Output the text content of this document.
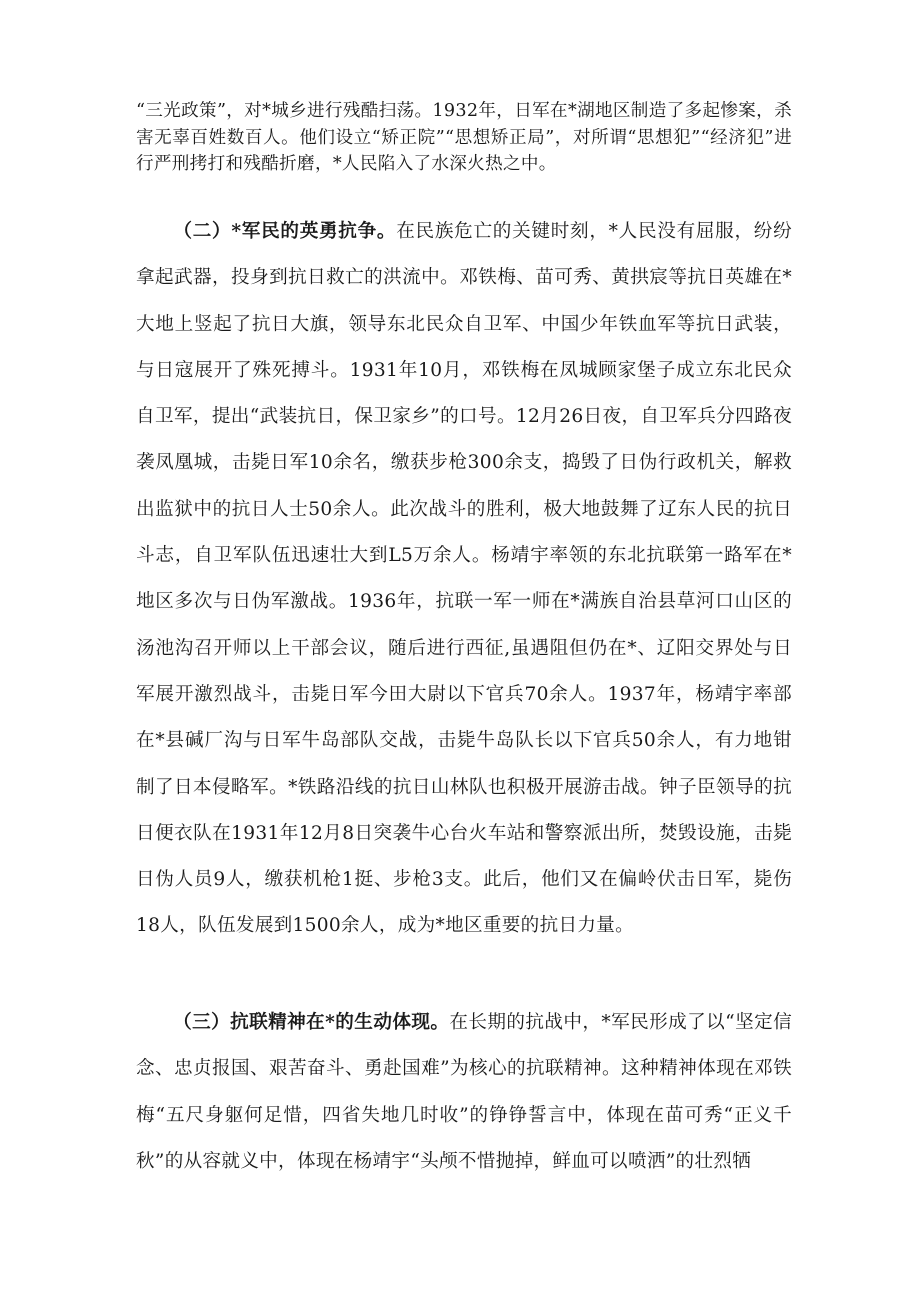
“三光政策”，对*城乡进行残酷扫荡。1932年，日军在*湖地区制造了多起惨案，杀害无辜百姓数百人。他们设立“矫正院”“思想矫正局”，对所谓“思想犯”“经济犯”进行严刑拷打和残酷折磨，*人民陷入了水深火热之中。

（二）*军民的英勇抗争。在民族危亡的关键时刻，*人民没有屈服，纷纷拿起武器，投身到抗日救亡的洪流中。邓铁梅、苗可秀、黄拱宸等抗日英雄在*大地上竖起了抗日大旗，领导东北民众自卫军、中国少年铁血军等抗日武装，与日寇展开了殊死搏斗。1931年10月，邓铁梅在凤城顾家堡子成立东北民众自卫军，提出“武装抗日，保卫家乡”的口号。12月26日夜，自卫军兵分四路夜袭凤凰城，击毙日军10余名，缴获步枪300余支，捣毁了日伪行政机关，解救出监狱中的抗日人士50余人。此次战斗的胜利，极大地鼓舞了辽东人民的抗日斗志，自卫军队伍迅速壮大到L5万余人。杨靖宇率领的东北抗联第一路军在*地区多次与日伪军激战。1936年，抗联一军一师在*满族自治县草河口山区的汤池沟召开师以上干部会议，随后进行西征,虽遇阻但仍在*、辽阳交界处与日军展开激烈战斗，击毙日军今田大尉以下官兵70余人。1937年，杨靖宇率部在*县碱厂沟与日军牛岛部队交战，击毙牛岛队长以下官兵50余人，有力地钳制了日本侵略军。*铁路沿线的抗日山林队也积极开展游击战。钟子臣领导的抗日便衣队在1931年12月8日突袭牛心台火车站和警察派出所，焚毁设施，击毙日伪人员9人，缴获机枪1挺、步枪3支。此后，他们又在偏岭伏击日军，毙伤18人，队伍发展到1500余人，成为*地区重要的抗日力量。

（三）抗联精神在*的生动体现。在长期的抗战中，*军民形成了以“坚定信念、忠贞报国、艰苦奋斗、勇赴国难”为核心的抗联精神。这种精神体现在邓铁梅“五尺身躯何足惜，四省失地几时收”的铮铮誓言中，体现在苗可秀“正义千秋”的从容就义中，体现在杨靖宇“头颅不惜抛掉，鲜血可以喷洒”的壮烈牺
